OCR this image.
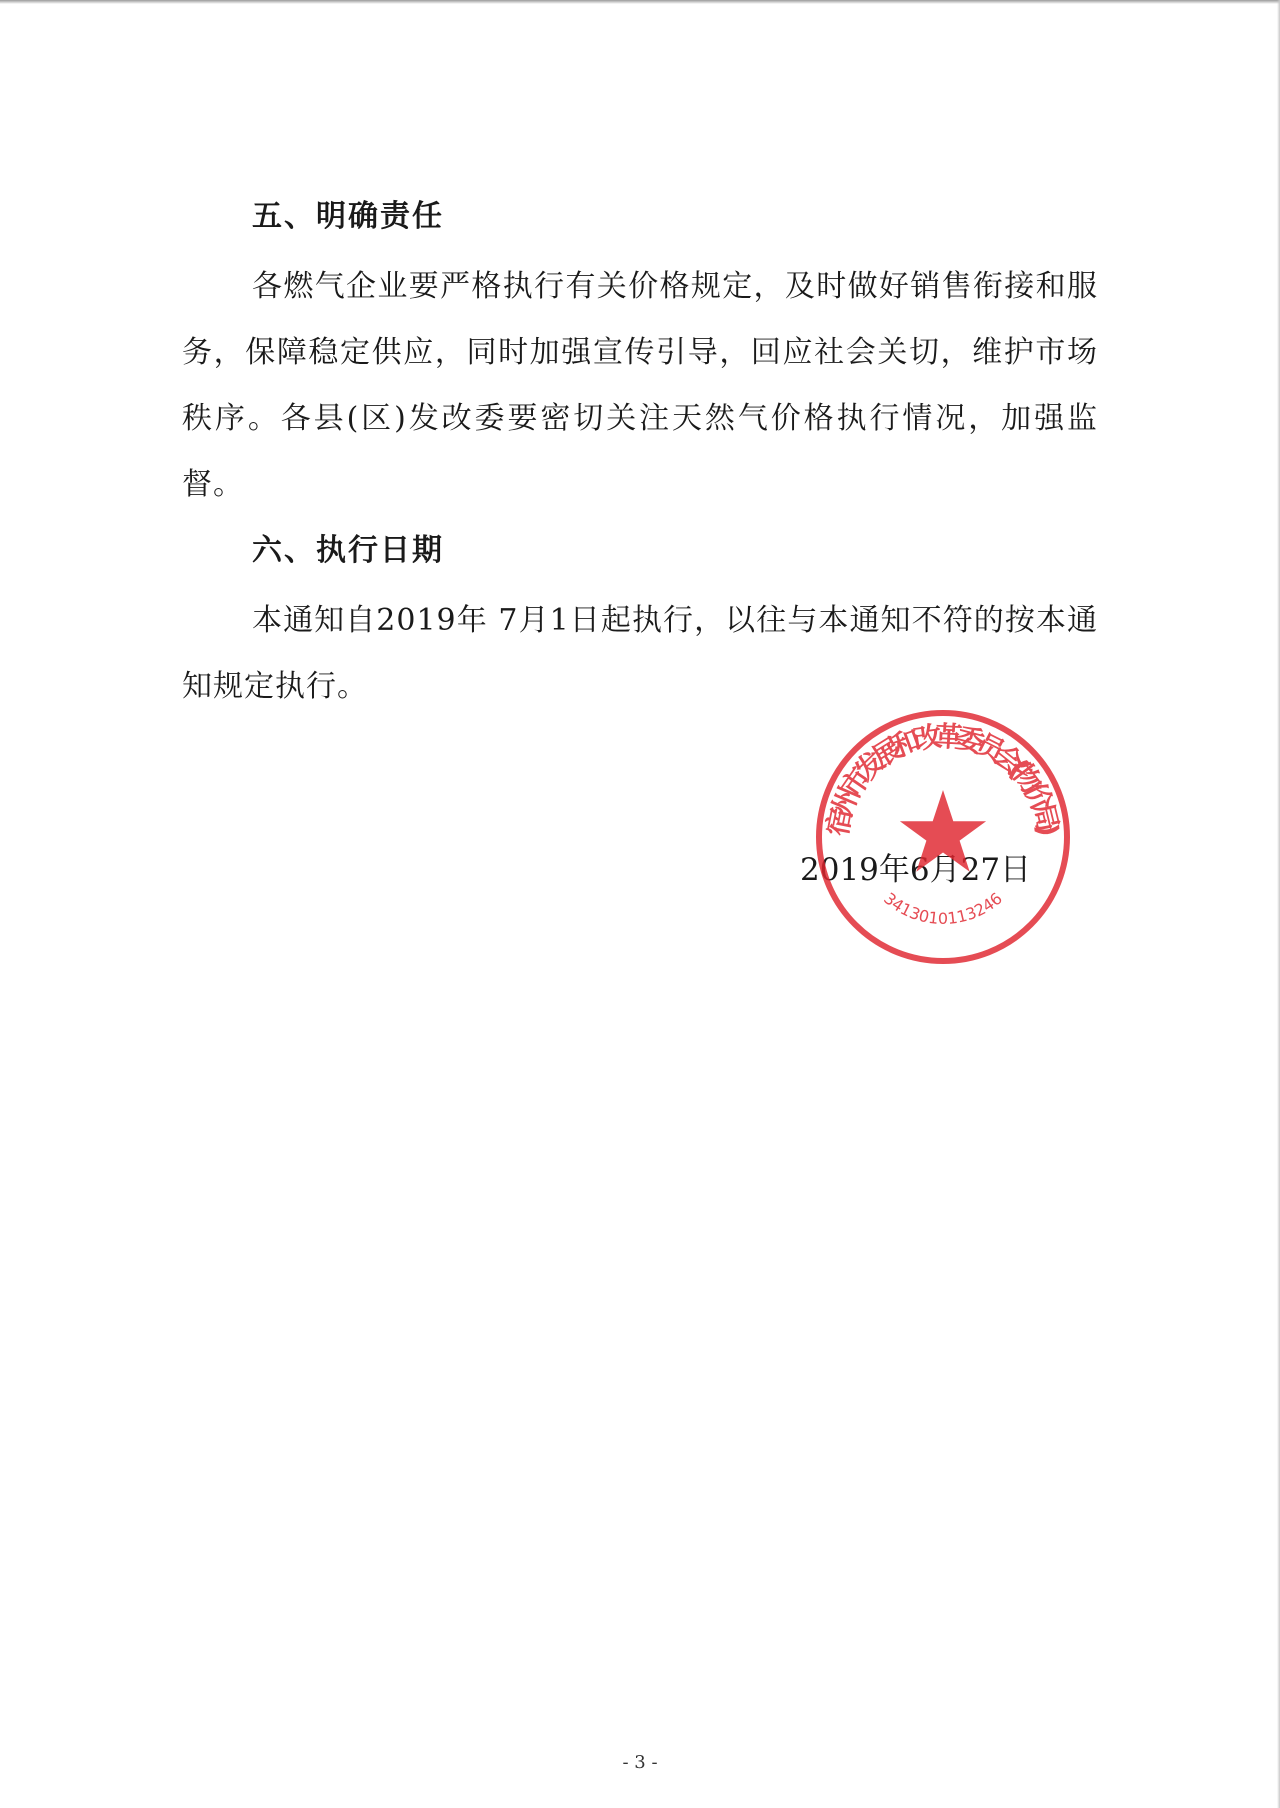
五、明确责任

各燃气企业要严格执行有关价格规定，及时做好销售衔接和服务，保障稳定供应，同时加强宣传引导，回应社会关切，维护市场秩序。各县(区)发改委要密切关注天然气价格执行情况，加强监督。

六、执行日期

本通知自2019年 7月1日起执行，以往与本通知不符的按本通知规定执行。

2019年6月27日
宿州市发展和改革委员会(物价局)
3413010113246
- 3 -
